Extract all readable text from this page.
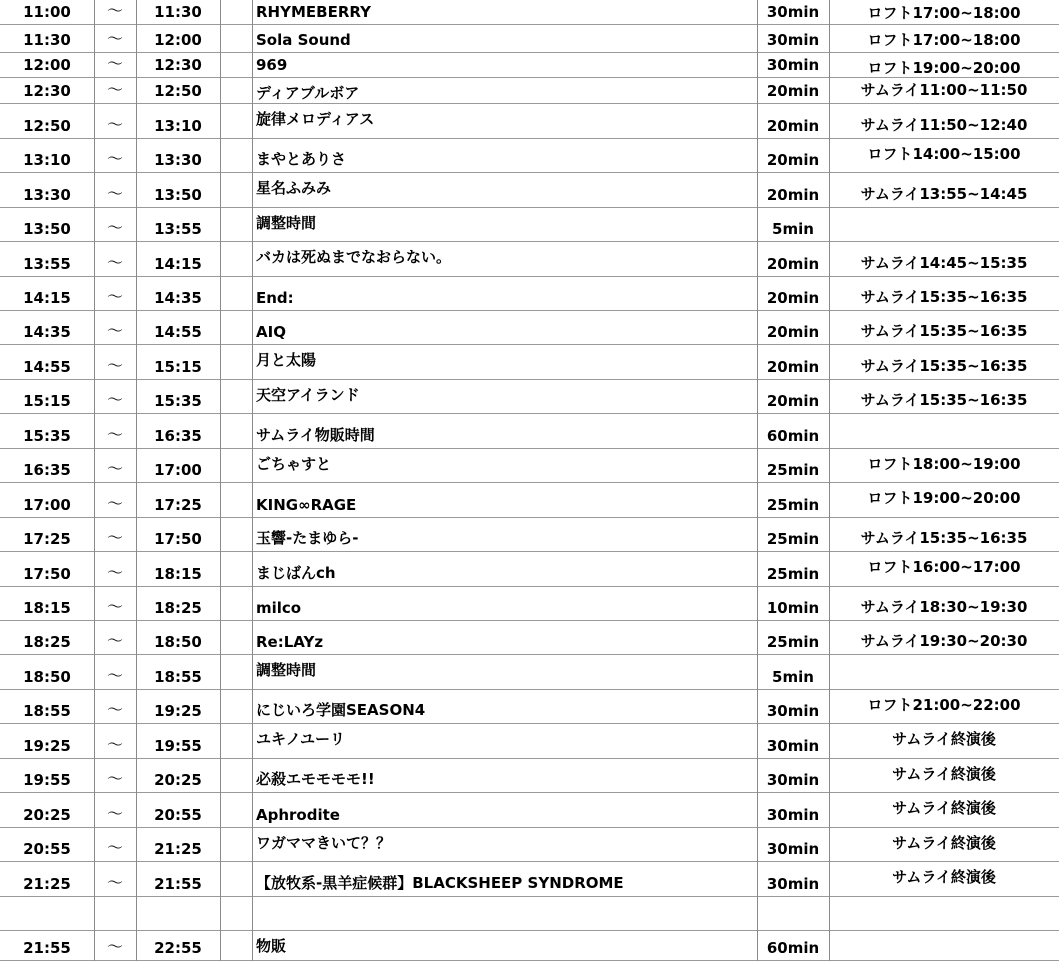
11:00	〜	11:30	RHYMEBERRY	30min	ロフト17:00~18:00
11:30	〜	12:00	Sola Sound	30min	ロフト17:00~18:00
12:00	〜	12:30	969	30min	ロフト19:00~20:00
12:30	〜	12:50	ディアブルボア	20min	サムライ11:00~11:50
12:50	〜	13:10	旋律メロディアス	20min	サムライ11:50~12:40
13:10	〜	13:30	まやとありさ	20min	ロフト14:00~15:00
13:30	〜	13:50	星名ふみみ	20min	サムライ13:55~14:45
13:50	〜	13:55	調整時間	5min
13:55	〜	14:15	バカは死ぬまでなおらない。	20min	サムライ14:45~15:35
14:15	〜	14:35	End:	20min	サムライ15:35~16:35
14:35	〜	14:55	AIQ	20min	サムライ15:35~16:35
14:55	〜	15:15	月と太陽	20min	サムライ15:35~16:35
15:15	〜	15:35	天空アイランド	20min	サムライ15:35~16:35
15:35	〜	16:35	サムライ物販時間	60min
16:35	〜	17:00	ごちゃすと	25min	ロフト18:00~19:00
17:00	〜	17:25	KING∞RAGE	25min	ロフト19:00~20:00
17:25	〜	17:50	玉響-たまゆら-	25min	サムライ15:35~16:35
17:50	〜	18:15	まじばんch	25min	ロフト16:00~17:00
18:15	〜	18:25	milco	10min	サムライ18:30~19:30
18:25	〜	18:50	Re:LAYz	25min	サムライ19:30~20:30
18:50	〜	18:55	調整時間	5min
18:55	〜	19:25	にじいろ学園SEASON4	30min	ロフト21:00~22:00
19:25	〜	19:55	ユキノユーリ	30min	サムライ終演後
19:55	〜	20:25	必殺エモモモモ!!	30min	サムライ終演後
20:25	〜	20:55	Aphrodite	30min	サムライ終演後
20:55	〜	21:25	ワガママきいて？？	30min	サムライ終演後
21:25	〜	21:55	【放牧系-黒羊症候群】BLACKSHEEP SYNDROME	30min	サムライ終演後
21:55	〜	22:55	物販	60min
